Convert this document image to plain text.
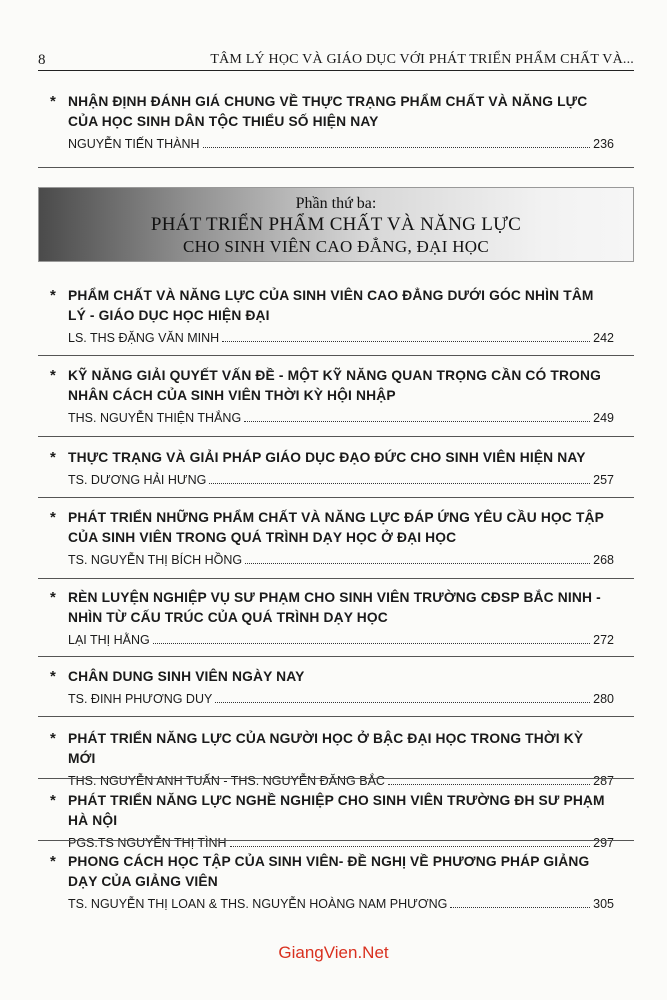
8	TÂM LÝ HỌC VÀ GIÁO DỤC VỚI PHÁT TRIỂN PHẨM CHẤT VÀ...
* NHẬN ĐỊNH ĐÁNH GIÁ CHUNG VỀ THỰC TRẠNG PHẨM CHẤT VÀ NĂNG LỰC CỦA HỌC SINH DÂN TỘC THIỂU SỐ HIỆN NAY
NGUYỄN TIẾN THÀNH	236
Phần thứ ba:
PHÁT TRIỂN PHẨM CHẤT VÀ NĂNG LỰC
CHO SINH VIÊN CAO ĐẲNG, ĐẠI HỌC
* PHẨM CHẤT VÀ NĂNG LỰC CỦA SINH VIÊN CAO ĐẲNG DƯỚI GÓC NHÌN TÂM LÝ - GIÁO DỤC HỌC HIỆN ĐẠI
LS. THS ĐẶNG VĂN MINH	242
* KỸ NĂNG GIẢI QUYẾT VẤN ĐỀ - MỘT KỸ NĂNG QUAN TRỌNG CẦN CÓ TRONG NHÂN CÁCH CỦA SINH VIÊN THỜI KỲ HỘI NHẬP
THS. NGUYỄN THIỆN THẮNG	249
* THỰC TRẠNG VÀ GIẢI PHÁP GIÁO DỤC ĐẠO ĐỨC CHO SINH VIÊN HIỆN NAY
TS. DƯƠNG HẢI HƯNG	257
* PHÁT TRIỂN NHỮNG PHẨM CHẤT VÀ NĂNG LỰC ĐÁP ỨNG YÊU CẦU HỌC TẬP CỦA SINH VIÊN TRONG QUÁ TRÌNH DẠY HỌC Ở ĐẠI HỌC
TS. NGUYỄN THỊ BÍCH HỒNG	268
* RÈN LUYỆN NGHIỆP VỤ SƯ PHẠM CHO SINH VIÊN TRƯỜNG CĐSP BẮC NINH - NHÌN TỪ CẤU TRÚC CỦA QUÁ TRÌNH DẠY HỌC
LẠI THỊ HẰNG	272
* CHÂN DUNG SINH VIÊN NGÀY NAY
TS. ĐINH PHƯƠNG DUY	280
* PHÁT TRIỂN NĂNG LỰC CỦA NGƯỜI HỌC Ở BẬC ĐẠI HỌC TRONG THỜI KỲ MỚI
THS. NGUYỄN ANH TUẤN - THS. NGUYỄN ĐĂNG BẮC	287
* PHÁT TRIỂN NĂNG LỰC NGHỀ NGHIỆP CHO SINH VIÊN TRƯỜNG ĐH SƯ PHẠM HÀ NỘI
PGS.TS NGUYỄN THỊ TÌNH	297
* PHONG CÁCH HỌC TẬP CỦA SINH VIÊN- ĐỀ NGHỊ VỀ PHƯƠNG PHÁP GIẢNG DẠY CỦA GIẢNG VIÊN
TS. NGUYỄN THỊ LOAN & THS. NGUYỄN HOÀNG NAM PHƯƠNG	305
GiangVien.Net
